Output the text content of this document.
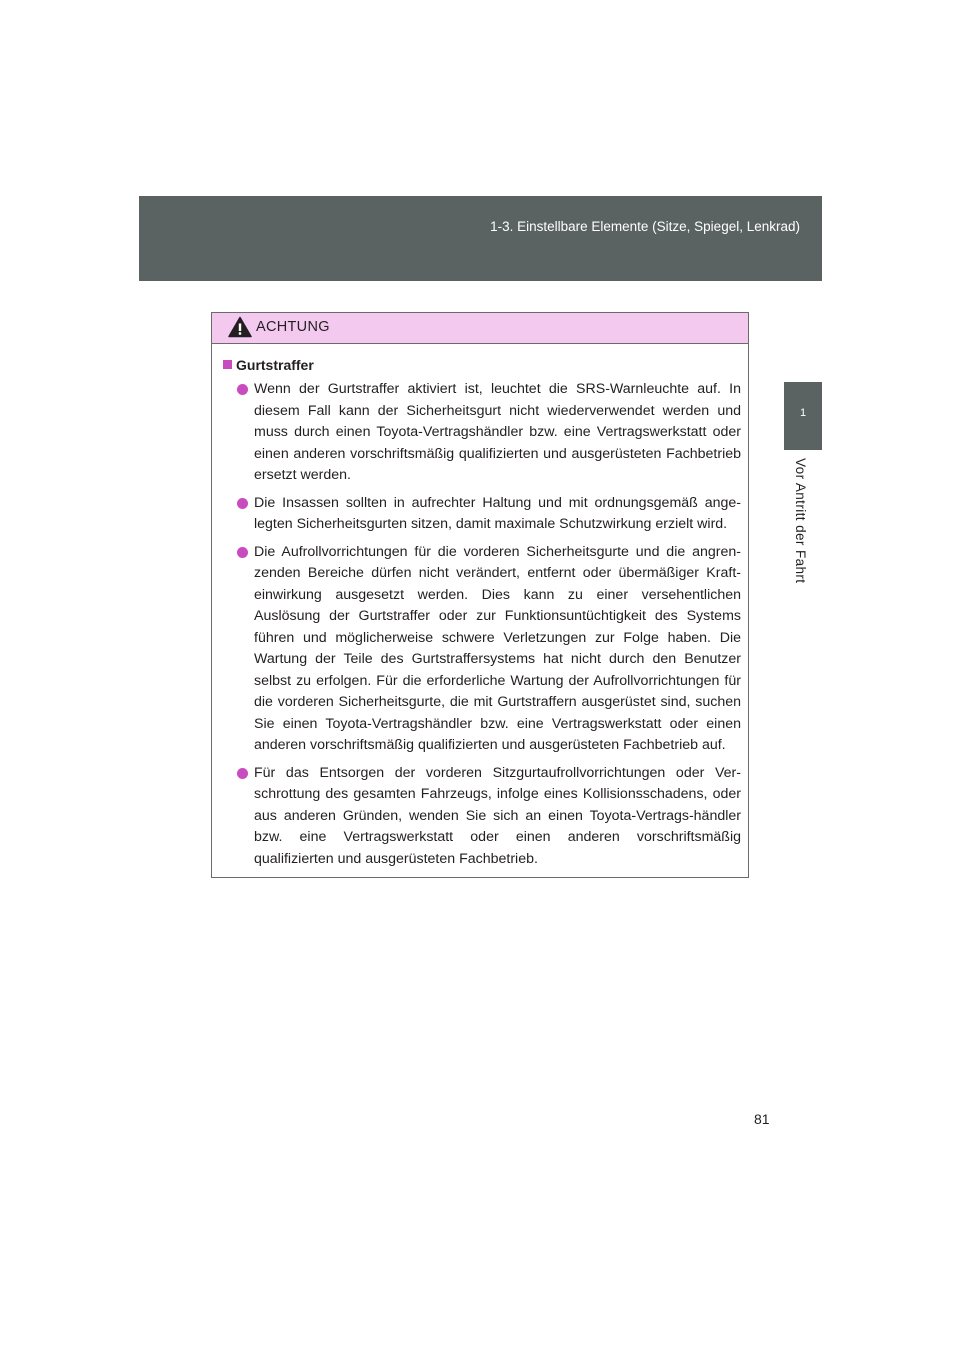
1-3. Einstellbare Elemente (Sitze, Spiegel, Lenkrad)
1
Vor Antritt der Fahrt
ACHTUNG
Gurtstraffer
Wenn der Gurtstraffer aktiviert ist, leuchtet die SRS-Warnleuchte auf. In diesem Fall kann der Sicherheitsgurt nicht wiederverwendet werden und muss durch einen Toyota-Vertragshändler bzw. eine Vertragswerkstatt oder einen anderen vorschriftsmäßig qualifizierten und ausgerüsteten Fachbetrieb ersetzt werden.
Die Insassen sollten in aufrechter Haltung und mit ordnungsgemäß ange-legten Sicherheitsgurten sitzen, damit maximale Schutzwirkung erzielt wird.
Die Aufrollvorrichtungen für die vorderen Sicherheitsgurte und die angren-zenden Bereiche dürfen nicht verändert, entfernt oder übermäßiger Kraft-einwirkung ausgesetzt werden. Dies kann zu einer versehentlichen Auslösung der Gurtstraffer oder zur Funktionsuntüchtigkeit des Systems führen und möglicherweise schwere Verletzungen zur Folge haben. Die Wartung der Teile des Gurtstraffersystems hat nicht durch den Benutzer selbst zu erfolgen. Für die erforderliche Wartung der Aufrollvorrichtungen für die vorderen Sicherheitsgurte, die mit Gurtstraffern ausgerüstet sind, suchen Sie einen Toyota-Vertragshändler bzw. eine Vertragswerkstatt oder einen anderen vorschriftsmäßig qualifizierten und ausgerüsteten Fachbetrieb auf.
Für das Entsorgen der vorderen Sitzgurtaufrollvorrichtungen oder Ver-schrottung des gesamten Fahrzeugs, infolge eines Kollisionsschadens, oder aus anderen Gründen, wenden Sie sich an einen Toyota-Vertrags-händler bzw. eine Vertragswerkstatt oder einen anderen vorschriftsmäßig qualifizierten und ausgerüsteten Fachbetrieb.
81
